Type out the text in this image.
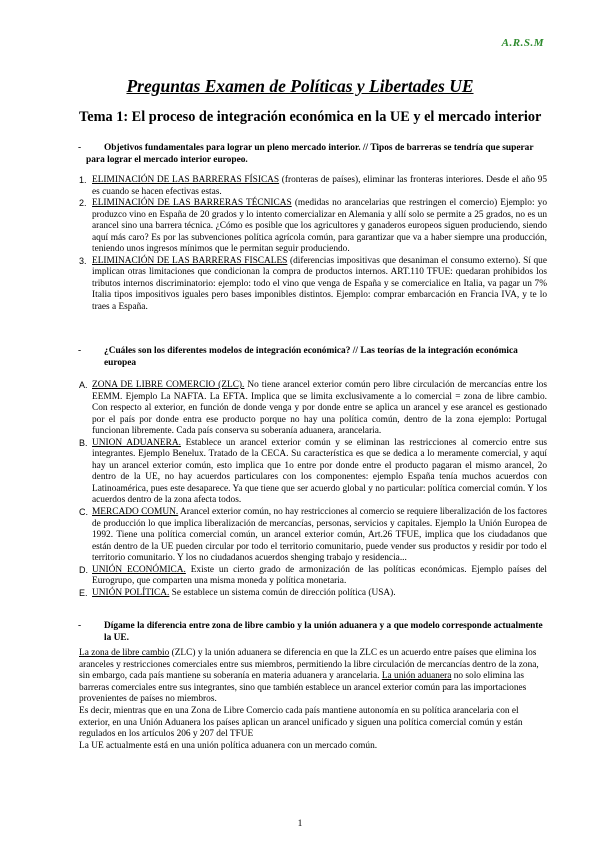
A.R.S.M
Preguntas Examen de Políticas y Libertades UE
Tema 1: El proceso de integración económica en la UE y el mercado interior
-	Objetivos fundamentales para lograr un pleno mercado interior. // Tipos de barreras se tendría que superar para lograr el mercado interior europeo.
1. ELIMINACIÓN DE LAS BARRERAS FÍSICAS (fronteras de países), eliminar las fronteras interiores. Desde el año 95 es cuando se hacen efectivas estas.
2. ELIMINACIÓN DE LAS BARRERAS TÉCNICAS (medidas no arancelarias que restringen el comercio) Ejemplo: yo produzco vino en España de 20 grados y lo intento comercializar en Alemania y allí solo se permite a 25 grados, no es un arancel sino una barrera técnica. ¿Cómo es posible que los agricultores y ganaderos europeos siguen produciendo, siendo aquí más caro? Es por las subvenciones política agrícola común, para garantizar que va a haber siempre una producción, teniendo unos ingresos mínimos que le permitan seguir produciendo.
3. ELIMINACIÓN DE LAS BARRERAS FISCALES (diferencias impositivas que desaniman el consumo externo). Sí que implican otras limitaciones que condicionan la compra de productos internos. ART.110 TFUE: quedaran prohibidos los tributos internos discriminatorio: ejemplo: todo el vino que venga de España y se comercialice en Italia, va pagar un 7% Italia tipos impositivos iguales pero bases imponibles distintos. Ejemplo: comprar embarcación en Francia IVA, y te lo traes a España.
-	¿Cuáles son los diferentes modelos de integración económica? // Las teorías de la integración económica europea
A. ZONA DE LIBRE COMERCIO (ZLC). No tiene arancel exterior común pero libre circulación de mercancías entre los EEMM. Ejemplo La NAFTA. La EFTA. Implica que se limita exclusivamente a lo comercial = zona de libre cambio. Con respecto al exterior, en función de donde venga y por donde entre se aplica un arancel y ese arancel es gestionado por el país por donde entra ese producto porque no hay una política común, dentro de la zona ejemplo: Portugal funcionan libremente. Cada país conserva su soberanía aduanera, arancelaria.
B. UNION ADUANERA. Establece un arancel exterior común y se eliminan las restricciones al comercio entre sus integrantes. Ejemplo Benelux. Tratado de la CECA. Su característica es que se dedica a lo meramente comercial, y aquí hay un arancel exterior común, esto implica que 1o entre por donde entre el producto pagaran el mismo arancel, 2o dentro de la UE, no hay acuerdos particulares con los componentes: ejemplo España tenía muchos acuerdos con Latinoamérica, pues este desaparece. Ya que tiene que ser acuerdo global y no particular: política comercial común. Y los acuerdos dentro de la zona afecta todos.
C. MERCADO COMUN. Arancel exterior común, no hay restricciones al comercio se requiere liberalización de los factores de producción lo que implica liberalización de mercancías, personas, servicios y capitales. Ejemplo la Unión Europea de 1992. Tiene una política comercial común, un arancel exterior común, Art.26 TFUE, implica que los ciudadanos que están dentro de la UE pueden circular por todo el territorio comunitario, puede vender sus productos y residir por todo el territorio comunitario. Y los no ciudadanos acuerdos shenging trabajo y residencia...
D. UNIÓN ECONÓMICA. Existe un cierto grado de armonización de las políticas económicas. Ejemplo países del Eurogrupo, que comparten una misma moneda y política monetaria.
E. UNIÓN POLÍTICA. Se establece un sistema común de dirección política (USA).
-	Dígame la diferencia entre zona de libre cambio y la unión aduanera y a que modelo corresponde actualmente la UE.

La zona de libre cambio (ZLC) y la unión aduanera se diferencia en que la ZLC es un acuerdo entre países que elimina los aranceles y restricciones comerciales entre sus miembros, permitiendo la libre circulación de mercancías dentro de la zona, sin embargo, cada país mantiene su soberanía en materia aduanera y arancelaria. La unión aduanera no solo elimina las barreras comerciales entre sus integrantes, sino que también establece un arancel exterior común para las importaciones provenientes de países no miembros.

Es decir, mientras que en una Zona de Libre Comercio cada país mantiene autonomía en su política arancelaria con el exterior, en una Unión Aduanera los países aplican un arancel unificado y siguen una política comercial común y están regulados en los artículos 206 y 207 del TFUE

La UE actualmente está en una unión política aduanera con un mercado común.

1
